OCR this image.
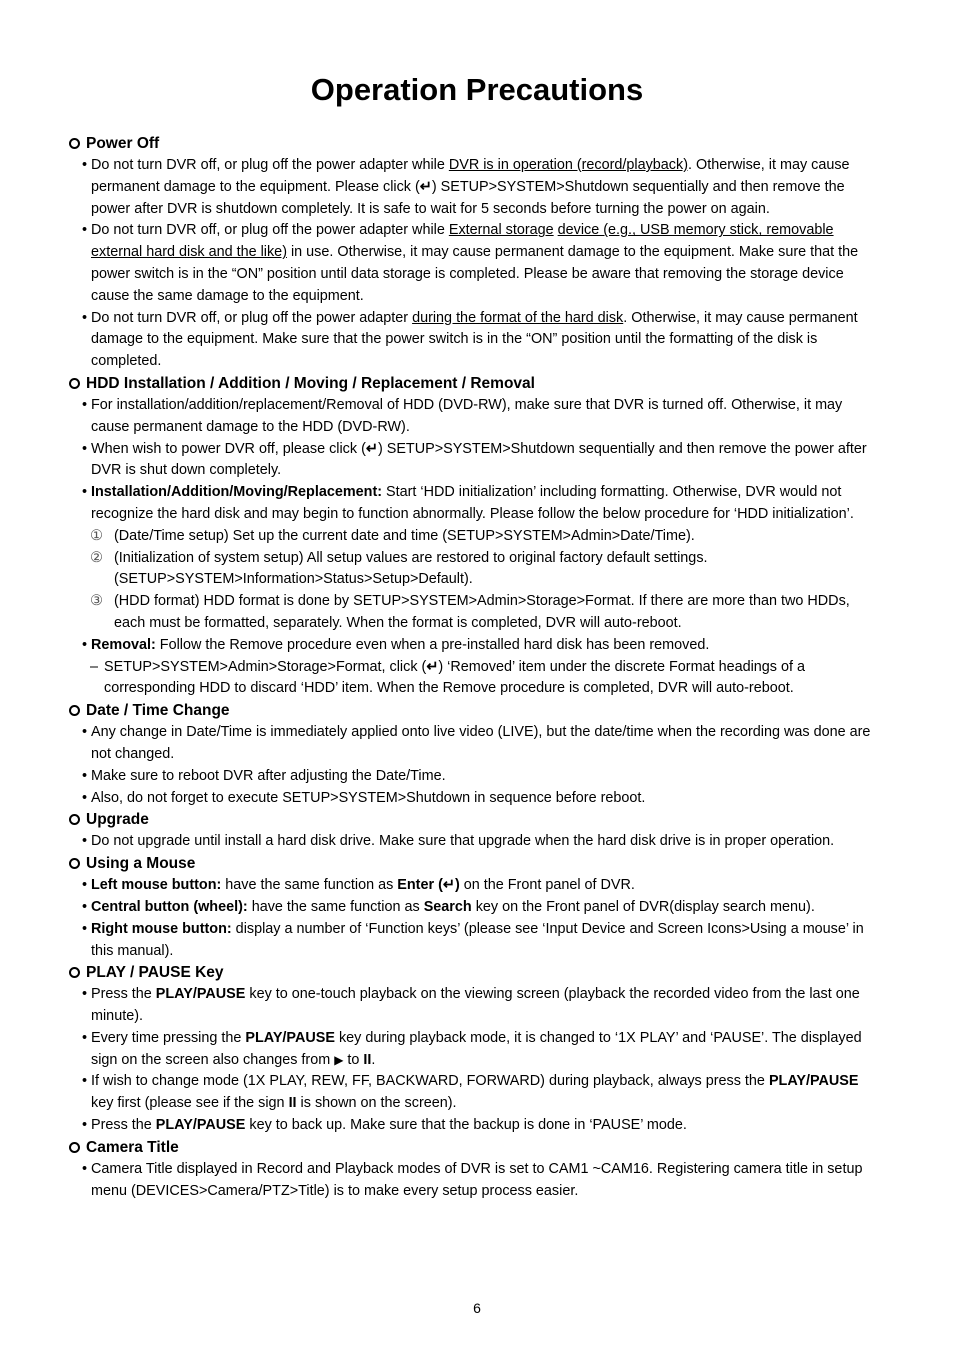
Operation Precautions
Power Off
• Do not turn DVR off, or plug off the power adapter while DVR is in operation (record/playback). Otherwise, it may cause permanent damage to the equipment. Please click (↵) SETUP>SYSTEM>Shutdown sequentially and then remove the power after DVR is shutdown completely. It is safe to wait for 5 seconds before turning the power on again.
• Do not turn DVR off, or plug off the power adapter while External storage device (e.g., USB memory stick, removable external hard disk and the like) in use. Otherwise, it may cause permanent damage to the equipment. Make sure that the power switch is in the “ON” position until data storage is completed. Please be aware that removing the storage device cause the same damage to the equipment.
• Do not turn DVR off, or plug off the power adapter during the format of the hard disk. Otherwise, it may cause permanent damage to the equipment. Make sure that the power switch is in the “ON” position until the formatting of the disk is completed.
HDD Installation / Addition / Moving / Replacement / Removal
• For installation/addition/replacement/Removal of HDD (DVD-RW), make sure that DVR is turned off. Otherwise, it may cause permanent damage to the HDD (DVD-RW).
• When wish to power DVR off, please click (↵) SETUP>SYSTEM>Shutdown sequentially and then remove the power after DVR is shut down completely.
• Installation/Addition/Moving/Replacement: Start ‘HDD initialization’ including formatting. Otherwise, DVR would not recognize the hard disk and may begin to function abnormally. Please follow the below procedure for ‘HDD initialization’.
① (Date/Time setup) Set up the current date and time (SETUP>SYSTEM>Admin>Date/Time).
② (Initialization of system setup) All setup values are restored to original factory default settings. (SETUP>SYSTEM>Information>Status>Setup>Default).
③ (HDD format) HDD format is done by SETUP>SYSTEM>Admin>Storage>Format. If there are more than two HDDs, each must be formatted, separately. When the format is completed, DVR will auto-reboot.
• Removal: Follow the Remove procedure even when a pre-installed hard disk has been removed.
– SETUP>SYSTEM>Admin>Storage>Format, click (↵) ‘Removed’ item under the discrete Format headings of a corresponding HDD to discard ‘HDD’ item. When the Remove procedure is completed, DVR will auto-reboot.
Date / Time Change
• Any change in Date/Time is immediately applied onto live video (LIVE), but the date/time when the recording was done are not changed.
• Make sure to reboot DVR after adjusting the Date/Time.
• Also, do not forget to execute SETUP>SYSTEM>Shutdown in sequence before reboot.
Upgrade
• Do not upgrade until install a hard disk drive. Make sure that upgrade when the hard disk drive is in proper operation.
Using a Mouse
• Left mouse button: have the same function as Enter (↵) on the Front panel of DVR.
• Central button (wheel): have the same function as Search key on the Front panel of DVR(display search menu).
• Right mouse button: display a number of ‘Function keys’ (please see ‘Input Device and Screen Icons>Using a mouse’ in this manual).
PLAY / PAUSE Key
• Press the PLAY/PAUSE key to one-touch playback on the viewing screen (playback the recorded video from the last one minute).
• Every time pressing the PLAY/PAUSE key during playback mode, it is changed to ‘1X PLAY’ and ‘PAUSE’. The displayed sign on the screen also changes from ▶ to II.
• If wish to change mode (1X PLAY, REW, FF, BACKWARD, FORWARD) during playback, always press the PLAY/PAUSE key first (please see if the sign II is shown on the screen).
• Press the PLAY/PAUSE key to back up. Make sure that the backup is done in ‘PAUSE’ mode.
Camera Title
• Camera Title displayed in Record and Playback modes of DVR is set to CAM1 ~CAM16. Registering camera title in setup menu (DEVICES>Camera/PTZ>Title) is to make every setup process easier.
6
